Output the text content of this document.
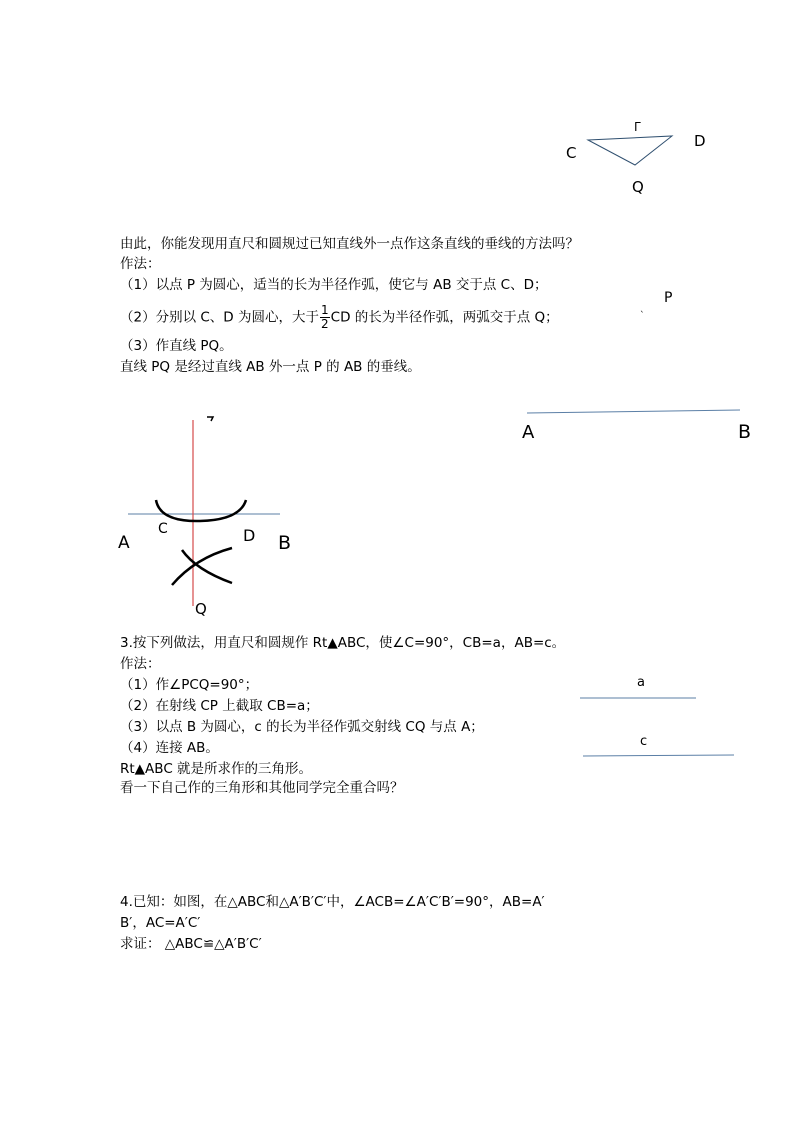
C
D
Q
Г
A
C	D B
Q
A	B
P
ˋ
a
c
由此，你能发现用直尺和圆规过已知直线外一点作这条直线的垂线的方法吗？
作法：
（1）以点 P 为圆心，适当的长为半径作弧，使它与 AB 交于点 C、D；
（2）分别以 C、D 为圆心，大于 $\frac{1}{2}$ CD 的长为半径作弧，两弧交于点 Q；
（3）作直线 PQ。
直线 PQ 是经过直线 AB 外一点 P 的 AB 的垂线。
3.按下列做法，用直尺和圆规作 Rt▲ABC，使∠C=90°，CB=a，AB=c。
作法：
（1）作∠PCQ=90°；
（2）在射线 CP 上截取 CB=a；
（3）以点 B 为圆心，c 的长为半径作弧交射线 CQ 与点 A；
（4）连接 AB。
Rt▲ABC 就是所求作的三角形。
看一下自己作的三角形和其他同学完全重合吗？
4.已知：如图，在△ABC和△A′B′C′中，∠ACB=∠A′C′B′=90°，AB=A′
B′，AC=A′C′
求证： △ABC≌△A′B′C′
